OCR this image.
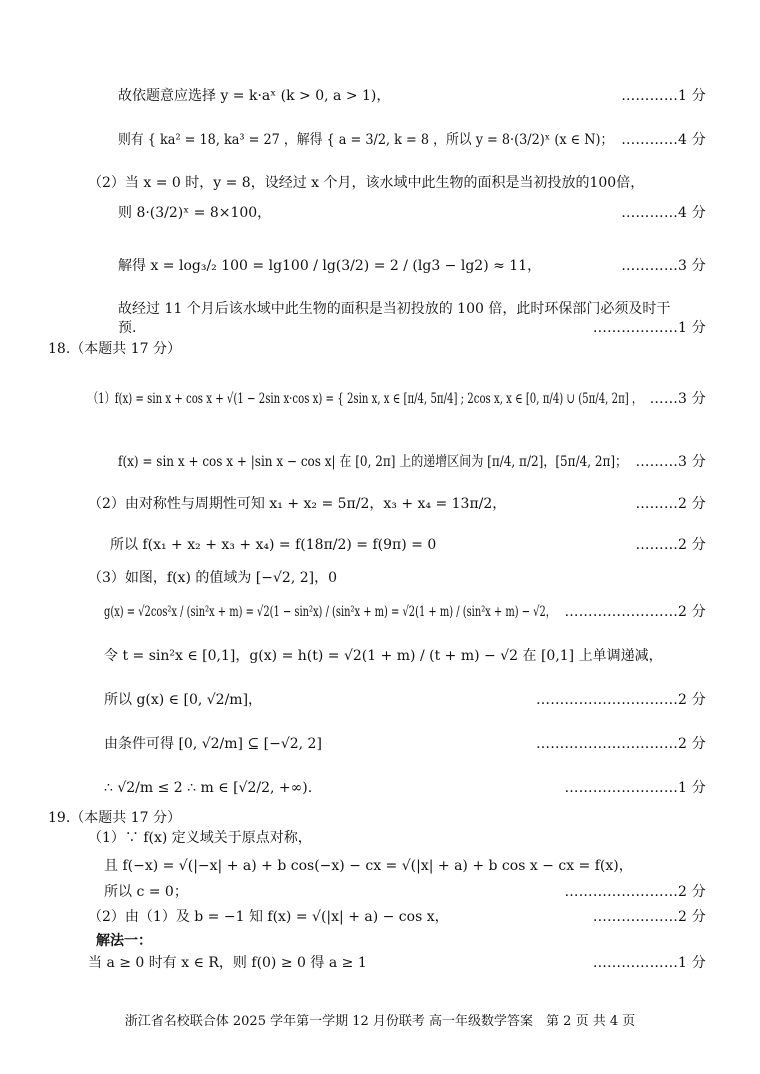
故依题意应选择 y = k·aˣ (k > 0, a > 1)，	…………1 分
则有 { ka² = 18, ka³ = 27 ，解得 { a = 3/2, k = 8 ，所以 y = 8·(3/2)ˣ (x ∈ N)； …………4 分
（2）当 x = 0 时，y = 8，设经过 x 个月，该水域中此生物的面积是当初投放的100倍，
则 8·(3/2)ˣ = 8×100，	…………4 分
解得 x = log₃/₂ 100 = lg100 / lg(3/2) = 2 / (lg3 − lg2) ≈ 11，	…………3 分
故经过 11 个月后该水域中此生物的面积是当初投放的 100 倍，此时环保部门必须及时干
预.	………………1 分
18.（本题共 17 分）
（1）f(x) = sin x + cos x + √(1 − 2sin x·cos x) = { 2sin x, x ∈ [π/4, 5π/4] ; 2cos x, x ∈ [0, π/4) ∪ (5π/4, 2π] ， ……3 分
f(x) = sin x + cos x + |sin x − cos x| 在 [0, 2π] 上的递增区间为 [π/4, π/2]，[5π/4, 2π]； ………3 分
（2）由对称性与周期性可知 x₁ + x₂ = 5π/2，x₃ + x₄ = 13π/2，	………2 分
所以 f(x₁ + x₂ + x₃ + x₄) = f(18π/2) = f(9π) = 0	………2 分
（3）如图，f(x) 的值域为 [−√2, 2]，0
g(x) = √2cos²x / (sin²x + m) = √2(1 − sin²x) / (sin²x + m) = √2(1 + m) / (sin²x + m) − √2， ……………………2 分
令 t = sin²x ∈ [0,1]，g(x) = h(t) = √2(1 + m) / (t + m) − √2 在 [0,1] 上单调递减，
所以 g(x) ∈ [0, √2/m]，	…………………………2 分
由条件可得 [0, √2/m] ⊆ [−√2, 2]	…………………………2 分
∴ √2/m ≤ 2 ∴ m ∈ [√2/2, +∞).	……………………1 分
19.（本题共 17 分）
（1）∵ f(x) 定义域关于原点对称，
且 f(−x) = √(|−x| + a) + b cos(−x) − cx = √(|x| + a) + b cos x − cx = f(x)，
所以 c = 0；	……………………2 分
（2）由（1）及 b = −1 知 f(x) = √(|x| + a) − cos x，	………………2 分
解法一：
当 a ≥ 0 时有 x ∈ R，则 f(0) ≥ 0 得 a ≥ 1	………………1 分
浙江省名校联合体 2025 学年第一学期 12 月份联考 高一年级数学答案　第 2 页 共 4 页
